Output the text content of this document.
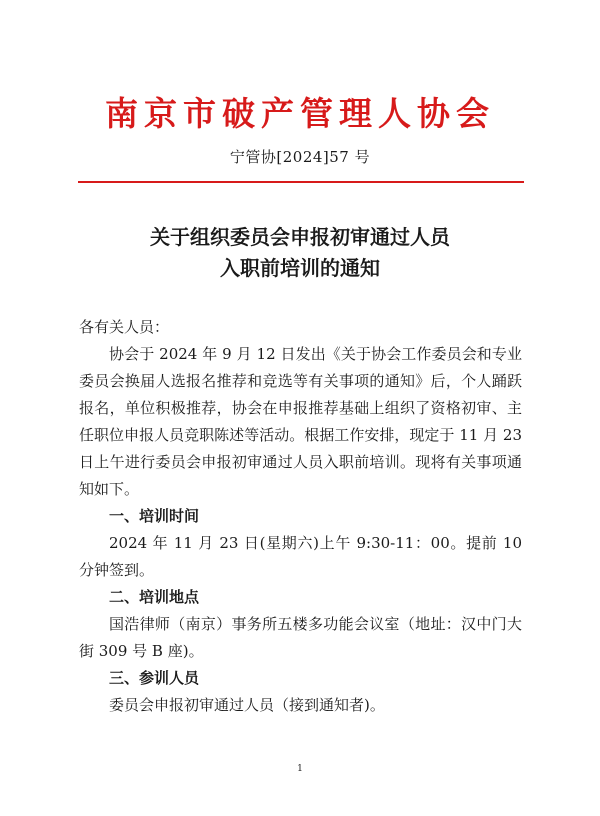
南京市破产管理人协会
宁管协[2024]57 号
关于组织委员会申报初审通过人员
入职前培训的通知

各有关人员：

协会于 2024 年 9 月 12 日发出《关于协会工作委员会和专业委员会换届人选报名推荐和竞选等有关事项的通知》后，个人踊跃报名，单位积极推荐，协会在申报推荐基础上组织了资格初审、主任职位申报人员竞职陈述等活动。根据工作安排，现定于 11 月 23 日上午进行委员会申报初审通过人员入职前培训。现将有关事项通知如下。

一、培训时间

2024 年 11 月 23 日(星期六)上午 9:30-11：00。提前 10 分钟签到。

二、培训地点

国浩律师（南京）事务所五楼多功能会议室（地址：汉中门大街 309 号 B 座)。

三、参训人员

委员会申报初审通过人员（接到通知者)。

1
